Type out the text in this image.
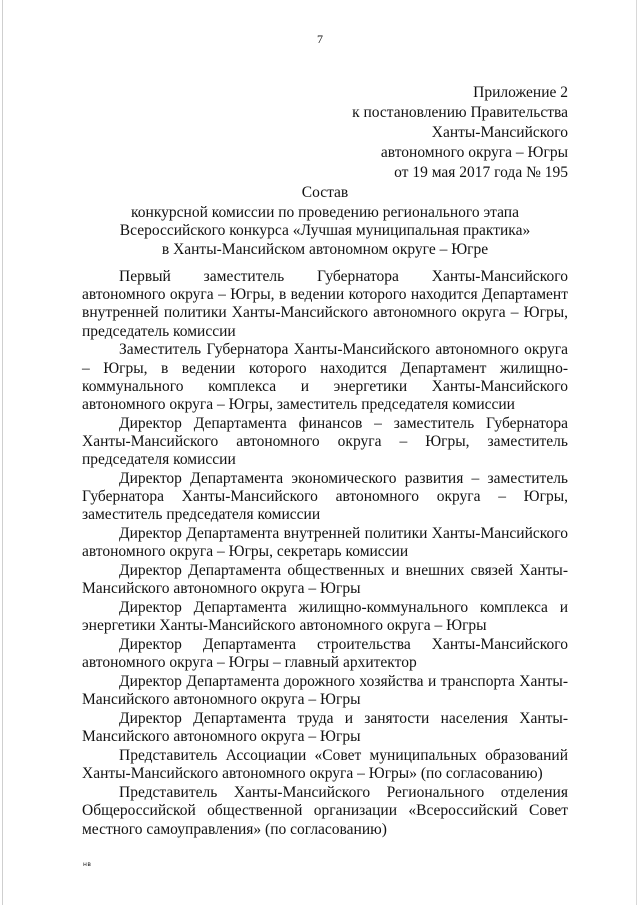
7
Приложение 2
к постановлению Правительства
Ханты-Мансийского
автономного округа – Югры
от 19 мая 2017 года № 195
Состав
конкурсной комиссии по проведению регионального этапа
Всероссийского конкурса «Лучшая муниципальная практика»
в Ханты-Мансийском автономном округе – Югре

Первый заместитель Губернатора Ханты-Мансийского автономного округа – Югры, в ведении которого находится Департамент внутренней политики Ханты-Мансийского автономного округа – Югры, председатель комиссии

Заместитель Губернатора Ханты-Мансийского автономного округа – Югры, в ведении которого находится Департамент жилищно-коммунального комплекса и энергетики Ханты-Мансийского автономного округа – Югры, заместитель председателя комиссии

Директор Департамента финансов – заместитель Губернатора Ханты-Мансийского автономного округа – Югры, заместитель председателя комиссии

Директор Департамента экономического развития – заместитель Губернатора Ханты-Мансийского автономного округа – Югры, заместитель председателя комиссии

Директор Департамента внутренней политики Ханты-Мансийского автономного округа – Югры, секретарь комиссии

Директор Департамента общественных и внешних связей Ханты-Мансийского автономного округа – Югры

Директор Департамента жилищно-коммунального комплекса и энергетики Ханты-Мансийского автономного округа – Югры

Директор Департамента строительства Ханты-Мансийского автономного округа – Югры – главный архитектор

Директор Департамента дорожного хозяйства и транспорта Ханты-Мансийского автономного округа – Югры

Директор Департамента труда и занятости населения Ханты-Мансийского автономного округа – Югры

Представитель Ассоциации «Совет муниципальных образований Ханты-Мансийского автономного округа – Югры» (по согласованию)

Представитель Ханты-Мансийского Регионального отделения Общероссийской общественной организации «Всероссийский Совет местного самоуправления» (по согласованию)

нв
